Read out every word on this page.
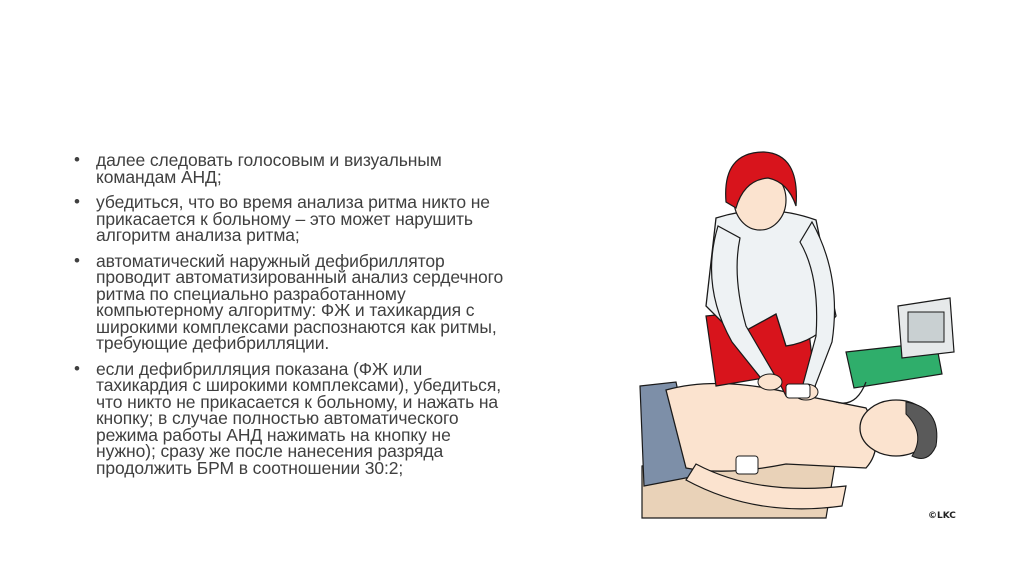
• далее следовать голосовым и визуальным командам АНД;
• убедиться, что во время анализа ритма никто не прикасается к больному – это может нарушить алгоритм анализа ритма;
• автоматический наружный дефибриллятор проводит автоматизированный анализ сердечного ритма по специально разработанному компьютерному алгоритму: ФЖ и тахикардия с широкими комплексами распознаются как ритмы, требующие дефибрилляции.
• если дефибрилляция показана (ФЖ или тахикардия с широкими комплексами), убедиться, что никто не прикасается к больному, и нажать на кнопку; в случае полностью автоматического режима работы АНД нажимать на кнопку не нужно); сразу же после нанесения разряда продолжить БРМ в соотношении 30:2;
©LKC
